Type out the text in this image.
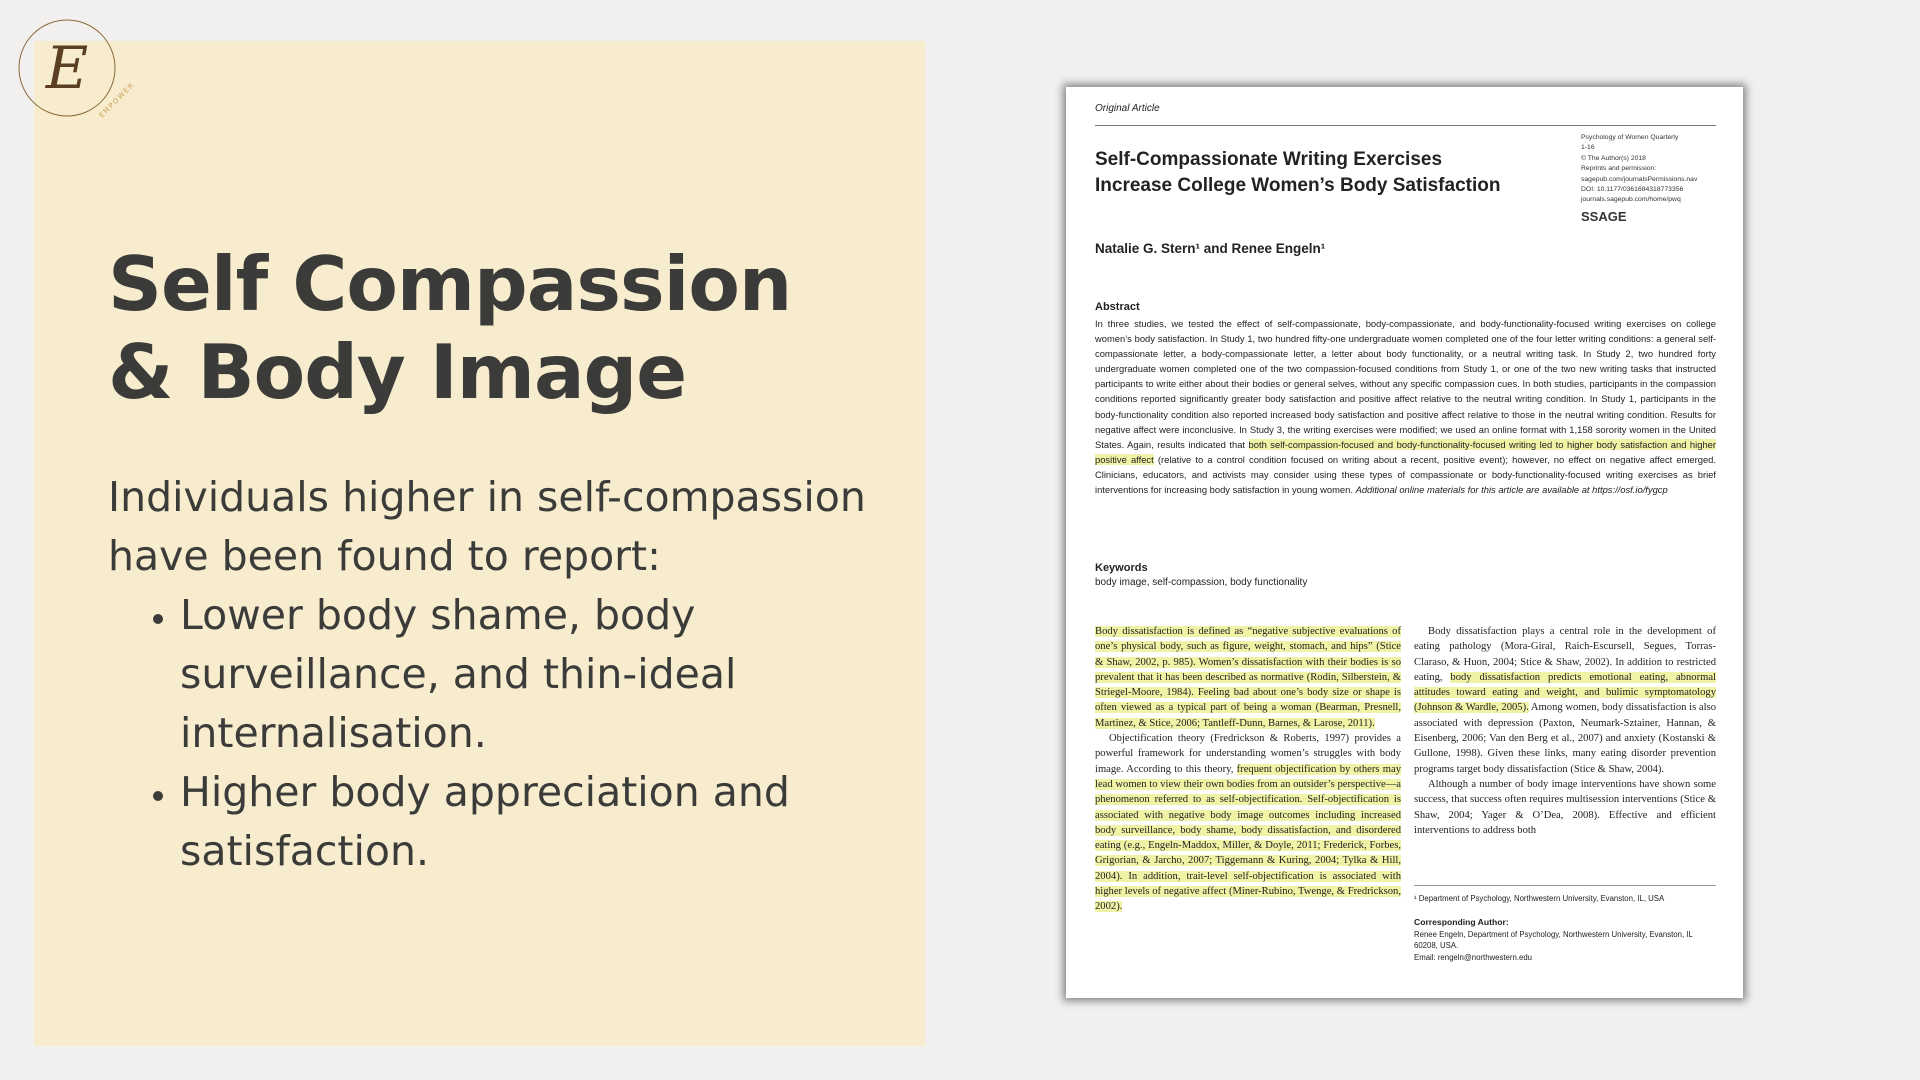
E EMPOWER
Self Compassion
& Body Image

Individuals higher in self-compassion have been found to report:

• Lower body shame, body surveillance, and thin-ideal internalisation.
• Higher body appreciation and satisfaction.
Original Article
Self-Compassionate Writing Exercises
Increase College Women’s Body Satisfaction
Psychology of Women Quarterly
1-16
© The Author(s) 2018
Reprints and permission:
sagepub.com/journalsPermissions.nav
DOI: 10.1177/0361684318773356
journals.sagepub.com/home/pwq
SSAGE
Natalie G. Stern¹ and Renee Engeln¹
Abstract

In three studies, we tested the effect of self-compassionate, body-compassionate, and body-functionality-focused writing exercises on college women’s body satisfaction. In Study 1, two hundred fifty-one undergraduate women completed one of the four letter writing conditions: a general self-compassionate letter, a body-compassionate letter, a letter about body functionality, or a neutral writing task. In Study 2, two hundred forty undergraduate women completed one of the two compassion-focused conditions from Study 1, or one of the two new writing tasks that instructed participants to write either about their bodies or general selves, without any specific compassion cues. In both studies, participants in the compassion conditions reported significantly greater body satisfaction and positive affect relative to the neutral writing condition. In Study 1, participants in the body-functionality condition also reported increased body satisfaction and positive affect relative to those in the neutral writing condition. Results for negative affect were inconclusive. In Study 3, the writing exercises were modified; we used an online format with 1,158 sorority women in the United States. Again, results indicated that both self-compassion-focused and body-functionality-focused writing led to higher body satisfaction and higher positive affect (relative to a control condition focused on writing about a recent, positive event); however, no effect on negative affect emerged. Clinicians, educators, and activists may consider using these types of compassionate or body-functionality-focused writing exercises as brief interventions for increasing body satisfaction in young women. Additional online materials for this article are available at https://osf.io/fygcp

Keywords
body image, self-compassion, body functionality

Body dissatisfaction is defined as “negative subjective evaluations of one’s physical body, such as figure, weight, stomach, and hips” (Stice & Shaw, 2002, p. 985). Women’s dissatisfaction with their bodies is so prevalent that it has been described as normative (Rodin, Silberstein, & Striegel-Moore, 1984). Feeling bad about one’s body size or shape is often viewed as a typical part of being a woman (Bearman, Presnell, Martinez, & Stice, 2006; Tantleff-Dunn, Barnes, & Larose, 2011).

Objectification theory (Fredrickson & Roberts, 1997) provides a powerful framework for understanding women’s struggles with body image. According to this theory, frequent objectification by others may lead women to view their own bodies from an outsider’s perspective—a phenomenon referred to as self-objectification. Self-objectification is associated with negative body image outcomes including increased body surveillance, body shame, body dissatisfaction, and disordered eating (e.g., Engeln-Maddox, Miller, & Doyle, 2011; Frederick, Forbes, Grigorian, & Jarcho, 2007; Tiggemann & Kuring, 2004; Tylka & Hill, 2004). In addition, trait-level self-objectification is associated with higher levels of negative affect (Miner-Rubino, Twenge, & Fredrickson, 2002).

Body dissatisfaction plays a central role in the development of eating pathology (Mora-Giral, Raich-Escursell, Segues, Torras-Claraso, & Huon, 2004; Stice & Shaw, 2002). In addition to restricted eating, body dissatisfaction predicts emotional eating, abnormal attitudes toward eating and weight, and bulimic symptomatology (Johnson & Wardle, 2005). Among women, body dissatisfaction is also associated with depression (Paxton, Neumark-Sztainer, Hannan, & Eisenberg, 2006; Van den Berg et al., 2007) and anxiety (Kostanski & Gullone, 1998). Given these links, many eating disorder prevention programs target body dissatisfaction (Stice & Shaw, 2004).

Although a number of body image interventions have shown some success, that success often requires multisession interventions (Stice & Shaw, 2004; Yager & O’Dea, 2008). Effective and efficient interventions to address both

¹ Department of Psychology, Northwestern University, Evanston, IL, USA
Corresponding Author:
Renee Engeln, Department of Psychology, Northwestern University, Evanston, IL 60208, USA.
Email: rengeln@northwestern.edu
